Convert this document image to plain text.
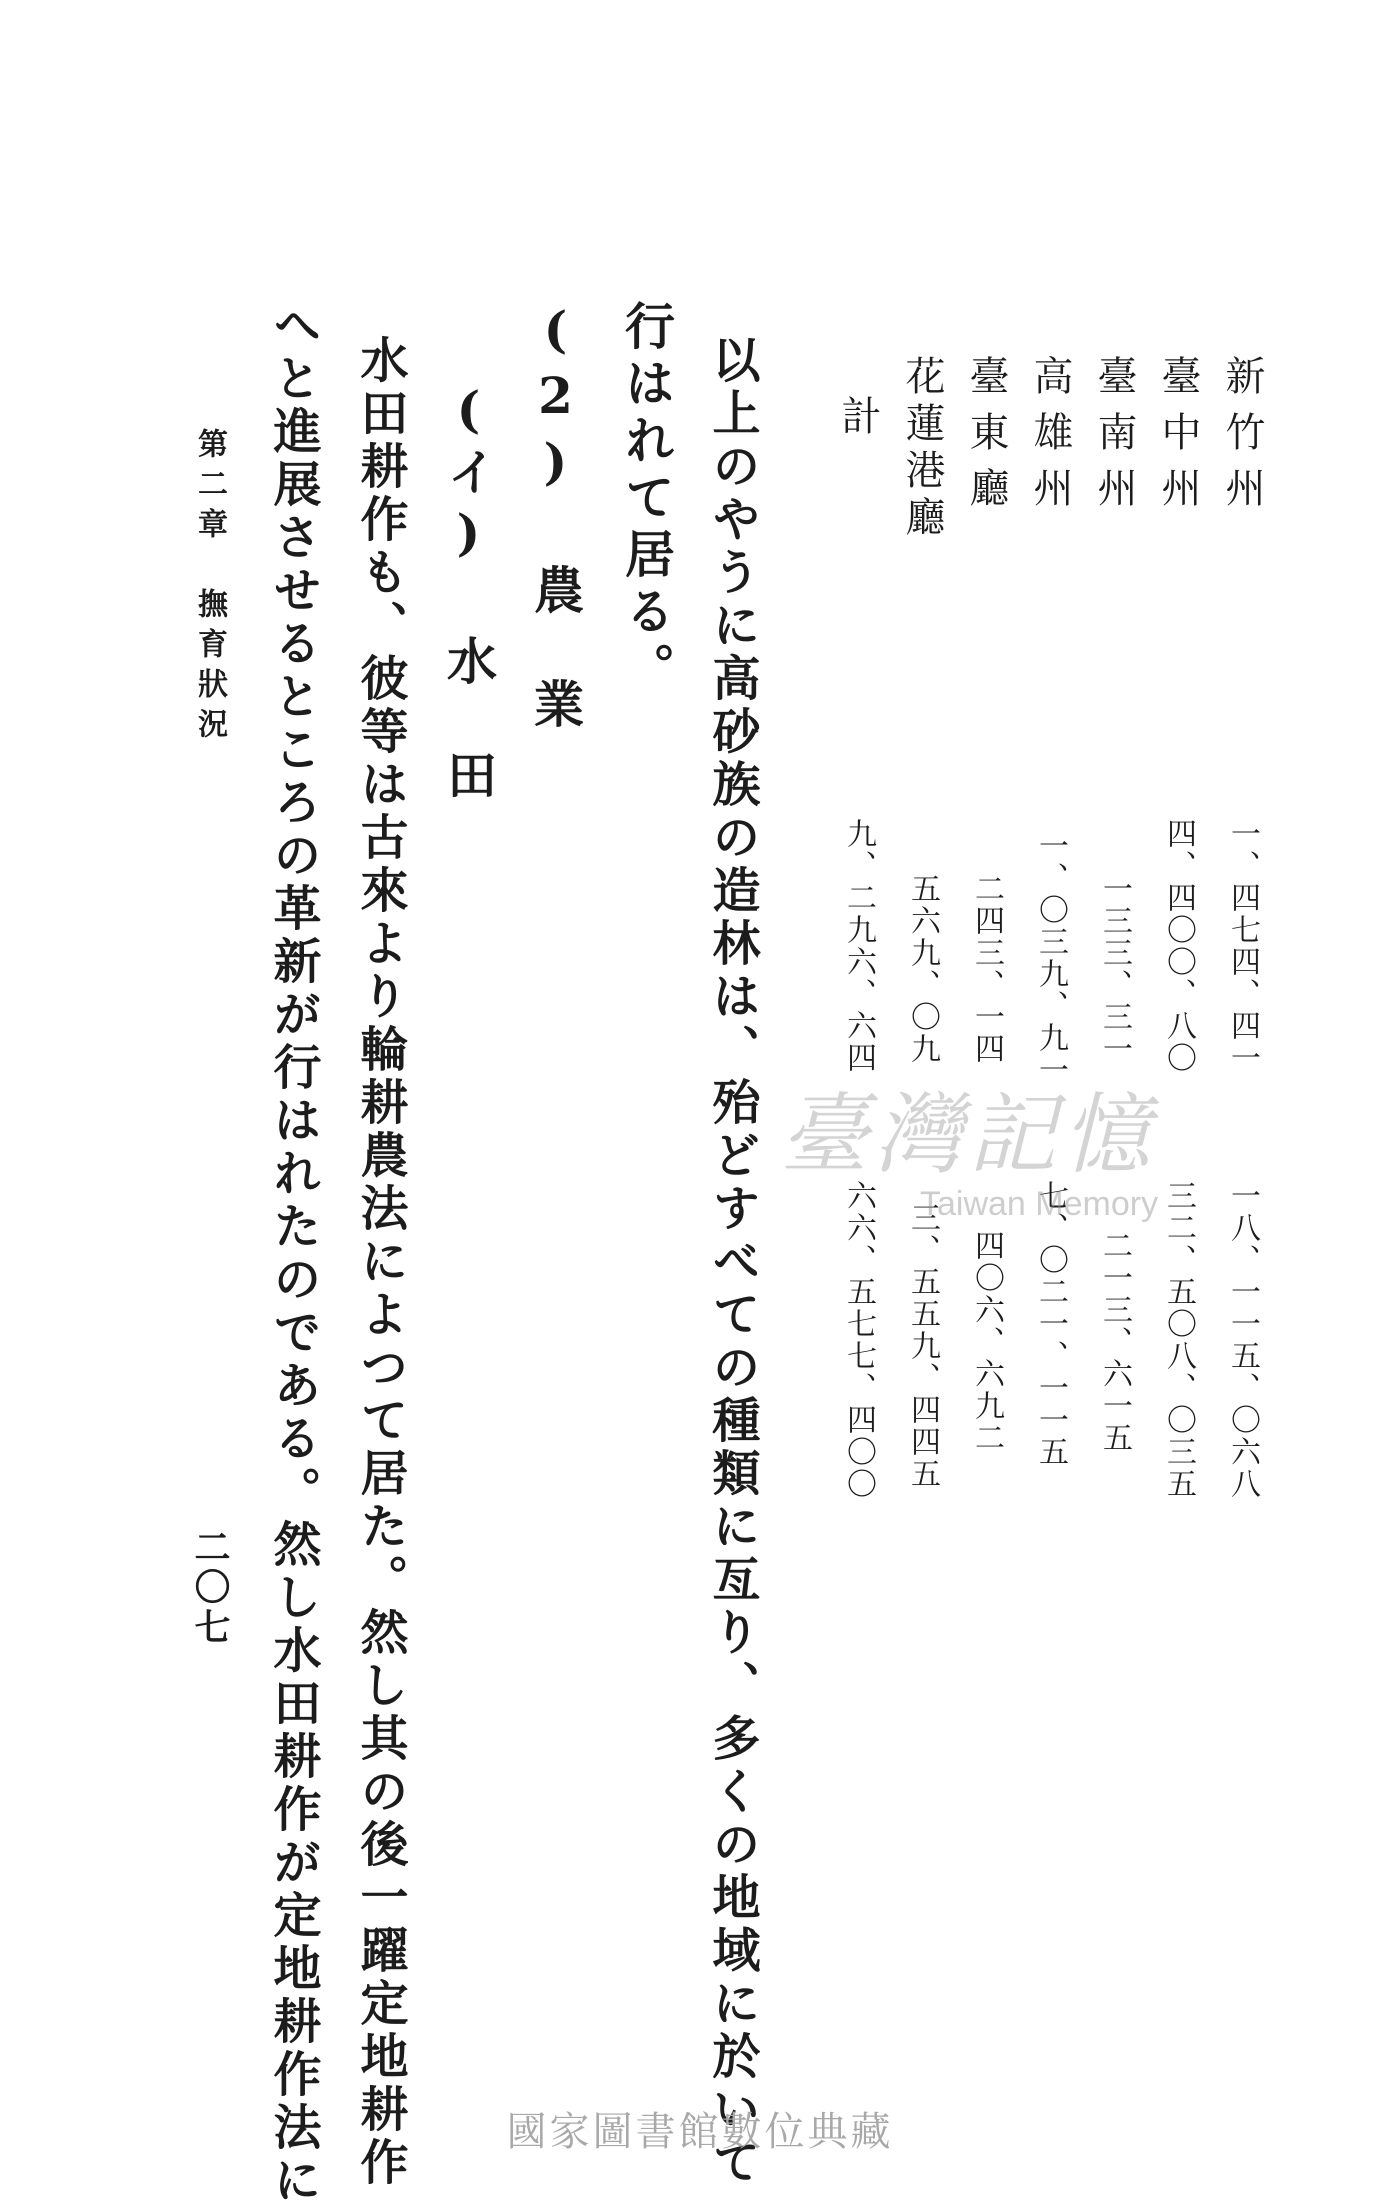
新竹州
臺中州
臺南州
高雄州
臺東廳
花蓮港廳
計
一、四七四、四一
四、四〇〇、八〇
一三三、三一
一、〇三九、九一
二四三、一四
五六九、〇九
九、二九六、六四
一八、一一五、〇六八
三二、五〇八、〇三五
二一三、六一五
七、〇二一、一一五
四〇六、六九二
三、五五九、四四五
六六、五七七、四〇〇
以上のやうに高砂族の造林は、殆どすべての種類に亙り、多くの地域に於いて
行はれて居る。
(2) 農　業
(イ) 水　田
水田耕作も、彼等は古來より輪耕農法によつて居た。然し其の後一躍定地耕作
へと進展させるところの革新が行はれたのである。然し水田耕作が定地耕作法に
第二章　撫育狀況
二〇七
臺灣記憶
Taiwan Memory
國家圖書館數位典藏
